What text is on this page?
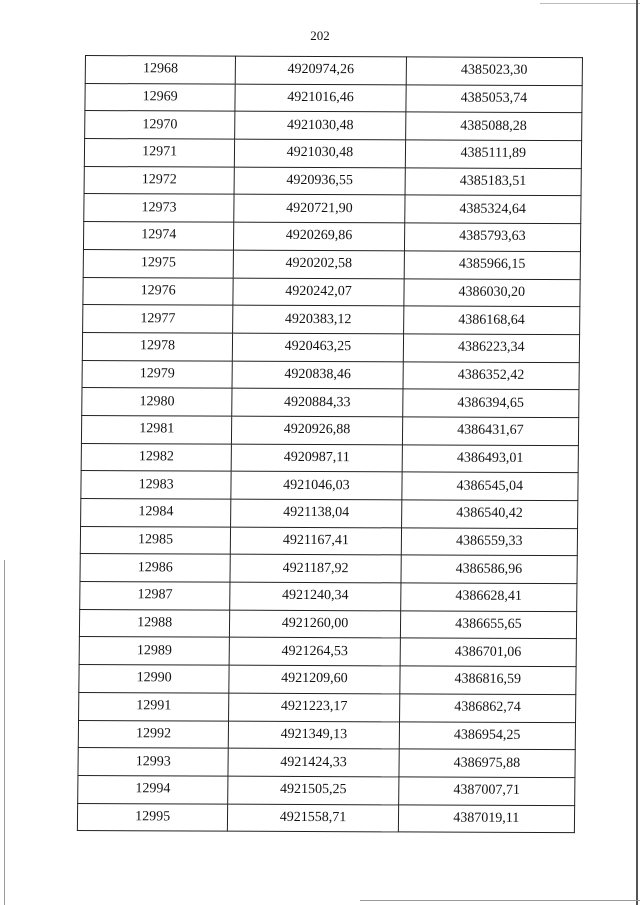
202
12968	4920974,26	4385023,30
12969	4921016,46	4385053,74
12970	4921030,48	4385088,28
12971	4921030,48	4385111,89
12972	4920936,55	4385183,51
12973	4920721,90	4385324,64
12974	4920269,86	4385793,63
12975	4920202,58	4385966,15
12976	4920242,07	4386030,20
12977	4920383,12	4386168,64
12978	4920463,25	4386223,34
12979	4920838,46	4386352,42
12980	4920884,33	4386394,65
12981	4920926,88	4386431,67
12982	4920987,11	4386493,01
12983	4921046,03	4386545,04
12984	4921138,04	4386540,42
12985	4921167,41	4386559,33
12986	4921187,92	4386586,96
12987	4921240,34	4386628,41
12988	4921260,00	4386655,65
12989	4921264,53	4386701,06
12990	4921209,60	4386816,59
12991	4921223,17	4386862,74
12992	4921349,13	4386954,25
12993	4921424,33	4386975,88
12994	4921505,25	4387007,71
12995	4921558,71	4387019,11
